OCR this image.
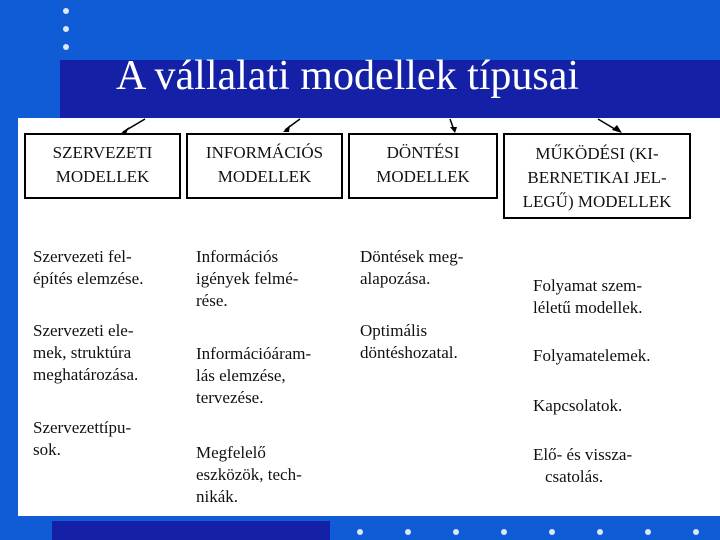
A vállalati modellek típusai
SZERVEZETI
MODELLEK
INFORMÁCIÓS
MODELLEK
DÖNTÉSI
MODELLEK
MŰKÖDÉSI (KI-
BERNETIKAI JEL-
LEGŰ) MODELLEK
Szervezeti fel-
építés elemzése.
Szervezeti ele-
mek, struktúra
meghatározása.
Szervezettípu-
sok.
Információs
igények felmé-
rése.
Információáram-
lás elemzése,
tervezése.
Megfelelő
eszközök, tech-
nikák.
Döntések meg-
alapozása.
Optimális
döntéshozatal.
Folyamat szem-
léletű modellek.
Folyamatelemek.
Kapcsolatok.
Elő- és vissza-
csatolás.
